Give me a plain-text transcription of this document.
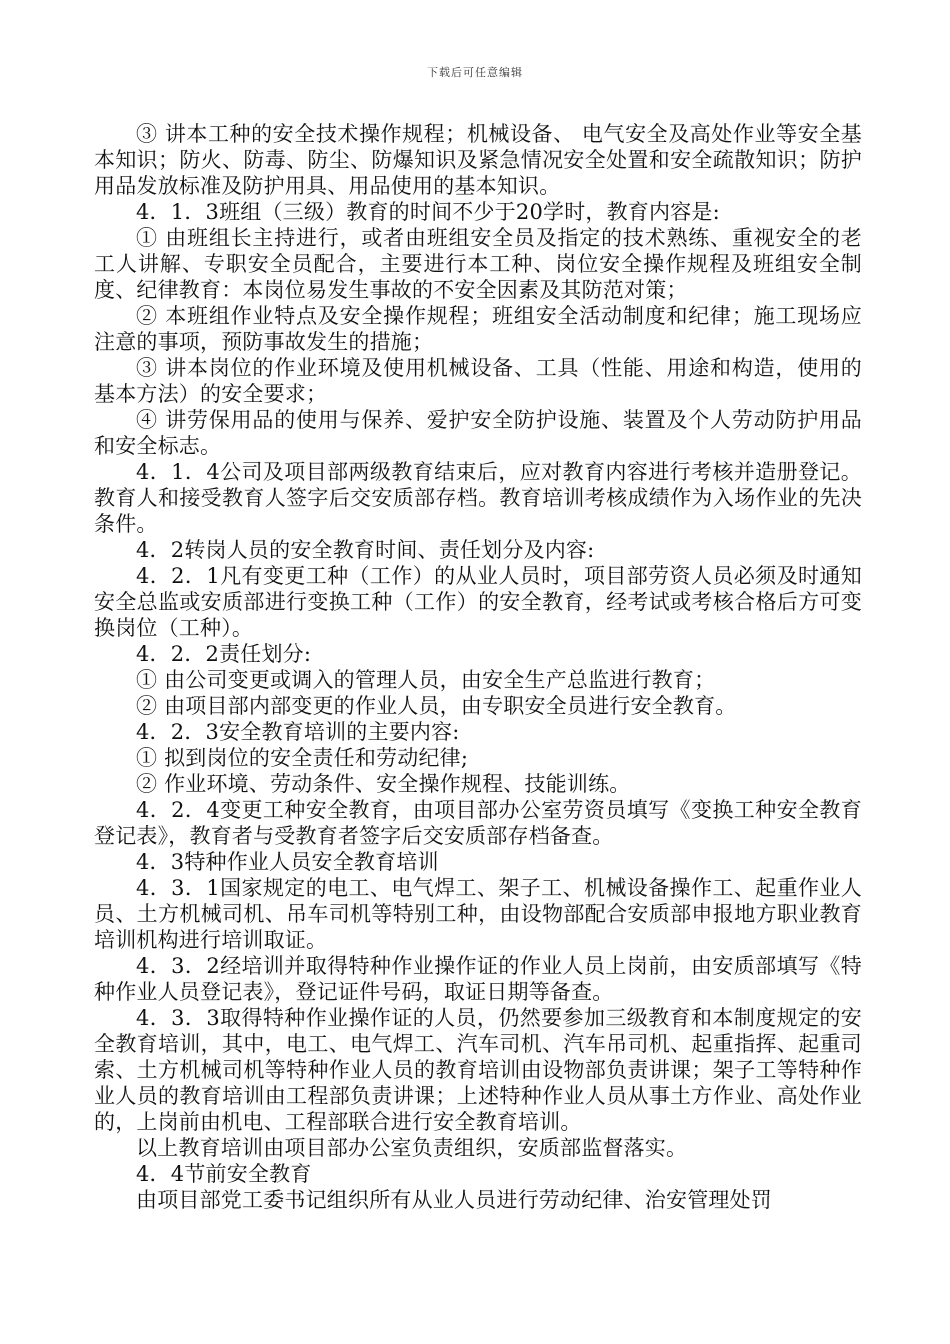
下载后可任意编辑

③ 讲本工种的安全技术操作规程；机械设备、 电气安全及高处作业等安全基本知识；防火、防毒、防尘、防爆知识及紧急情况安全处置和安全疏散知识；防护用品发放标准及防护用具、用品使用的基本知识。

4．1．3班组（三级）教育的时间不少于20学时，教育内容是:

① 由班组长主持进行，或者由班组安全员及指定的技术熟练、重视安全的老工人讲解、专职安全员配合，主要进行本工种、岗位安全操作规程及班组安全制度、纪律教育：本岗位易发生事故的不安全因素及其防范对策；

② 本班组作业特点及安全操作规程；班组安全活动制度和纪律；施工现场应注意的事项，预防事故发生的措施；

③ 讲本岗位的作业环境及使用机械设备、工具（性能、用途和构造，使用的基本方法）的安全要求；

④ 讲劳保用品的使用与保养、爱护安全防护设施、装置及个人劳动防护用品和安全标志。

4．1．4公司及项目部两级教育结束后，应对教育内容进行考核并造册登记。教育人和接受教育人签字后交安质部存档。教育培训考核成绩作为入场作业的先决条件。

4．2转岗人员的安全教育时间、责任划分及内容:

4．2．1凡有变更工种（工作）的从业人员时，项目部劳资人员必须及时通知安全总监或安质部进行变换工种（工作）的安全教育，经考试或考核合格后方可变换岗位（工种）。

4．2．2责任划分:

① 由公司变更或调入的管理人员，由安全生产总监进行教育；

② 由项目部内部变更的作业人员，由专职安全员进行安全教育。

4．2．3安全教育培训的主要内容:

① 拟到岗位的安全责任和劳动纪律;

② 作业环境、劳动条件、安全操作规程、技能训练。

4．2．4变更工种安全教育，由项目部办公室劳资员填写《变换工种安全教育登记表》，教育者与受教育者签字后交安质部存档备查。

4．3特种作业人员安全教育培训

4．3．1国家规定的电工、电气焊工、架子工、机械设备操作工、起重作业人员、土方机械司机、吊车司机等特别工种，由设物部配合安质部申报地方职业教育培训机构进行培训取证。

4．3．2经培训并取得特种作业操作证的作业人员上岗前，由安质部填写《特种作业人员登记表》，登记证件号码，取证日期等备查。

4．3．3取得特种作业操作证的人员，仍然要参加三级教育和本制度规定的安全教育培训，其中，电工、电气焊工、汽车司机、汽车吊司机、起重指挥、起重司索、土方机械司机等特种作业人员的教育培训由设物部负责讲课；架子工等特种作业人员的教育培训由工程部负责讲课；上述特种作业人员从事土方作业、高处作业的，上岗前由机电、工程部联合进行安全教育培训。

以上教育培训由项目部办公室负责组织，安质部监督落实。

4．4节前安全教育

由项目部党工委书记组织所有从业人员进行劳动纪律、治安管理处罚
